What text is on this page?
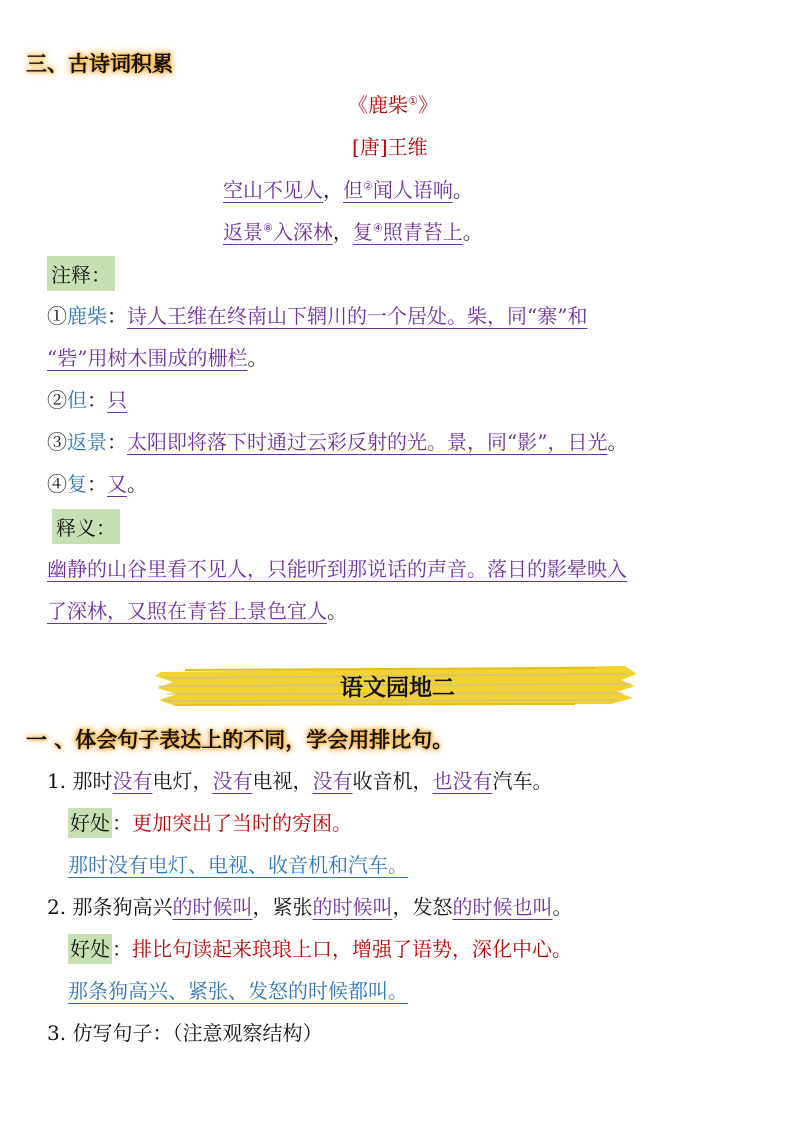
三、古诗词积累
《鹿柴①》
[唐]王维
空山不见人，但②闻人语响。
返景⑧入深林，复④照青苔上。
注释：
①鹿柴：诗人王维在终南山下辋川的一个居处。柴，同“寨”和
“砦”用树木围成的栅栏。
②但：只
③返景：太阳即将落下时通过云彩反射的光。景，同“影”，日光。
④复：又。
释义：
幽静的山谷里看不见人，只能听到那说话的声音。落日的影晕映入
了深林，又照在青苔上景色宜人。
语文园地二
一 、体会句子表达上的不同，学会用排比句。
1. 那时没有电灯，没有电视，没有收音机，也没有汽车。
好处 ：更加突出了当时的穷困。
那时没有电灯、电视、收音机和汽车。
2. 那条狗高兴的时候叫，紧张的时候叫，发怒的时候也叫。
好处 ：排比句读起来琅琅上口，增强了语势，深化中心。
那条狗高兴、紧张、发怒的时候都叫。
3. 仿写句子：（注意观察结构）
